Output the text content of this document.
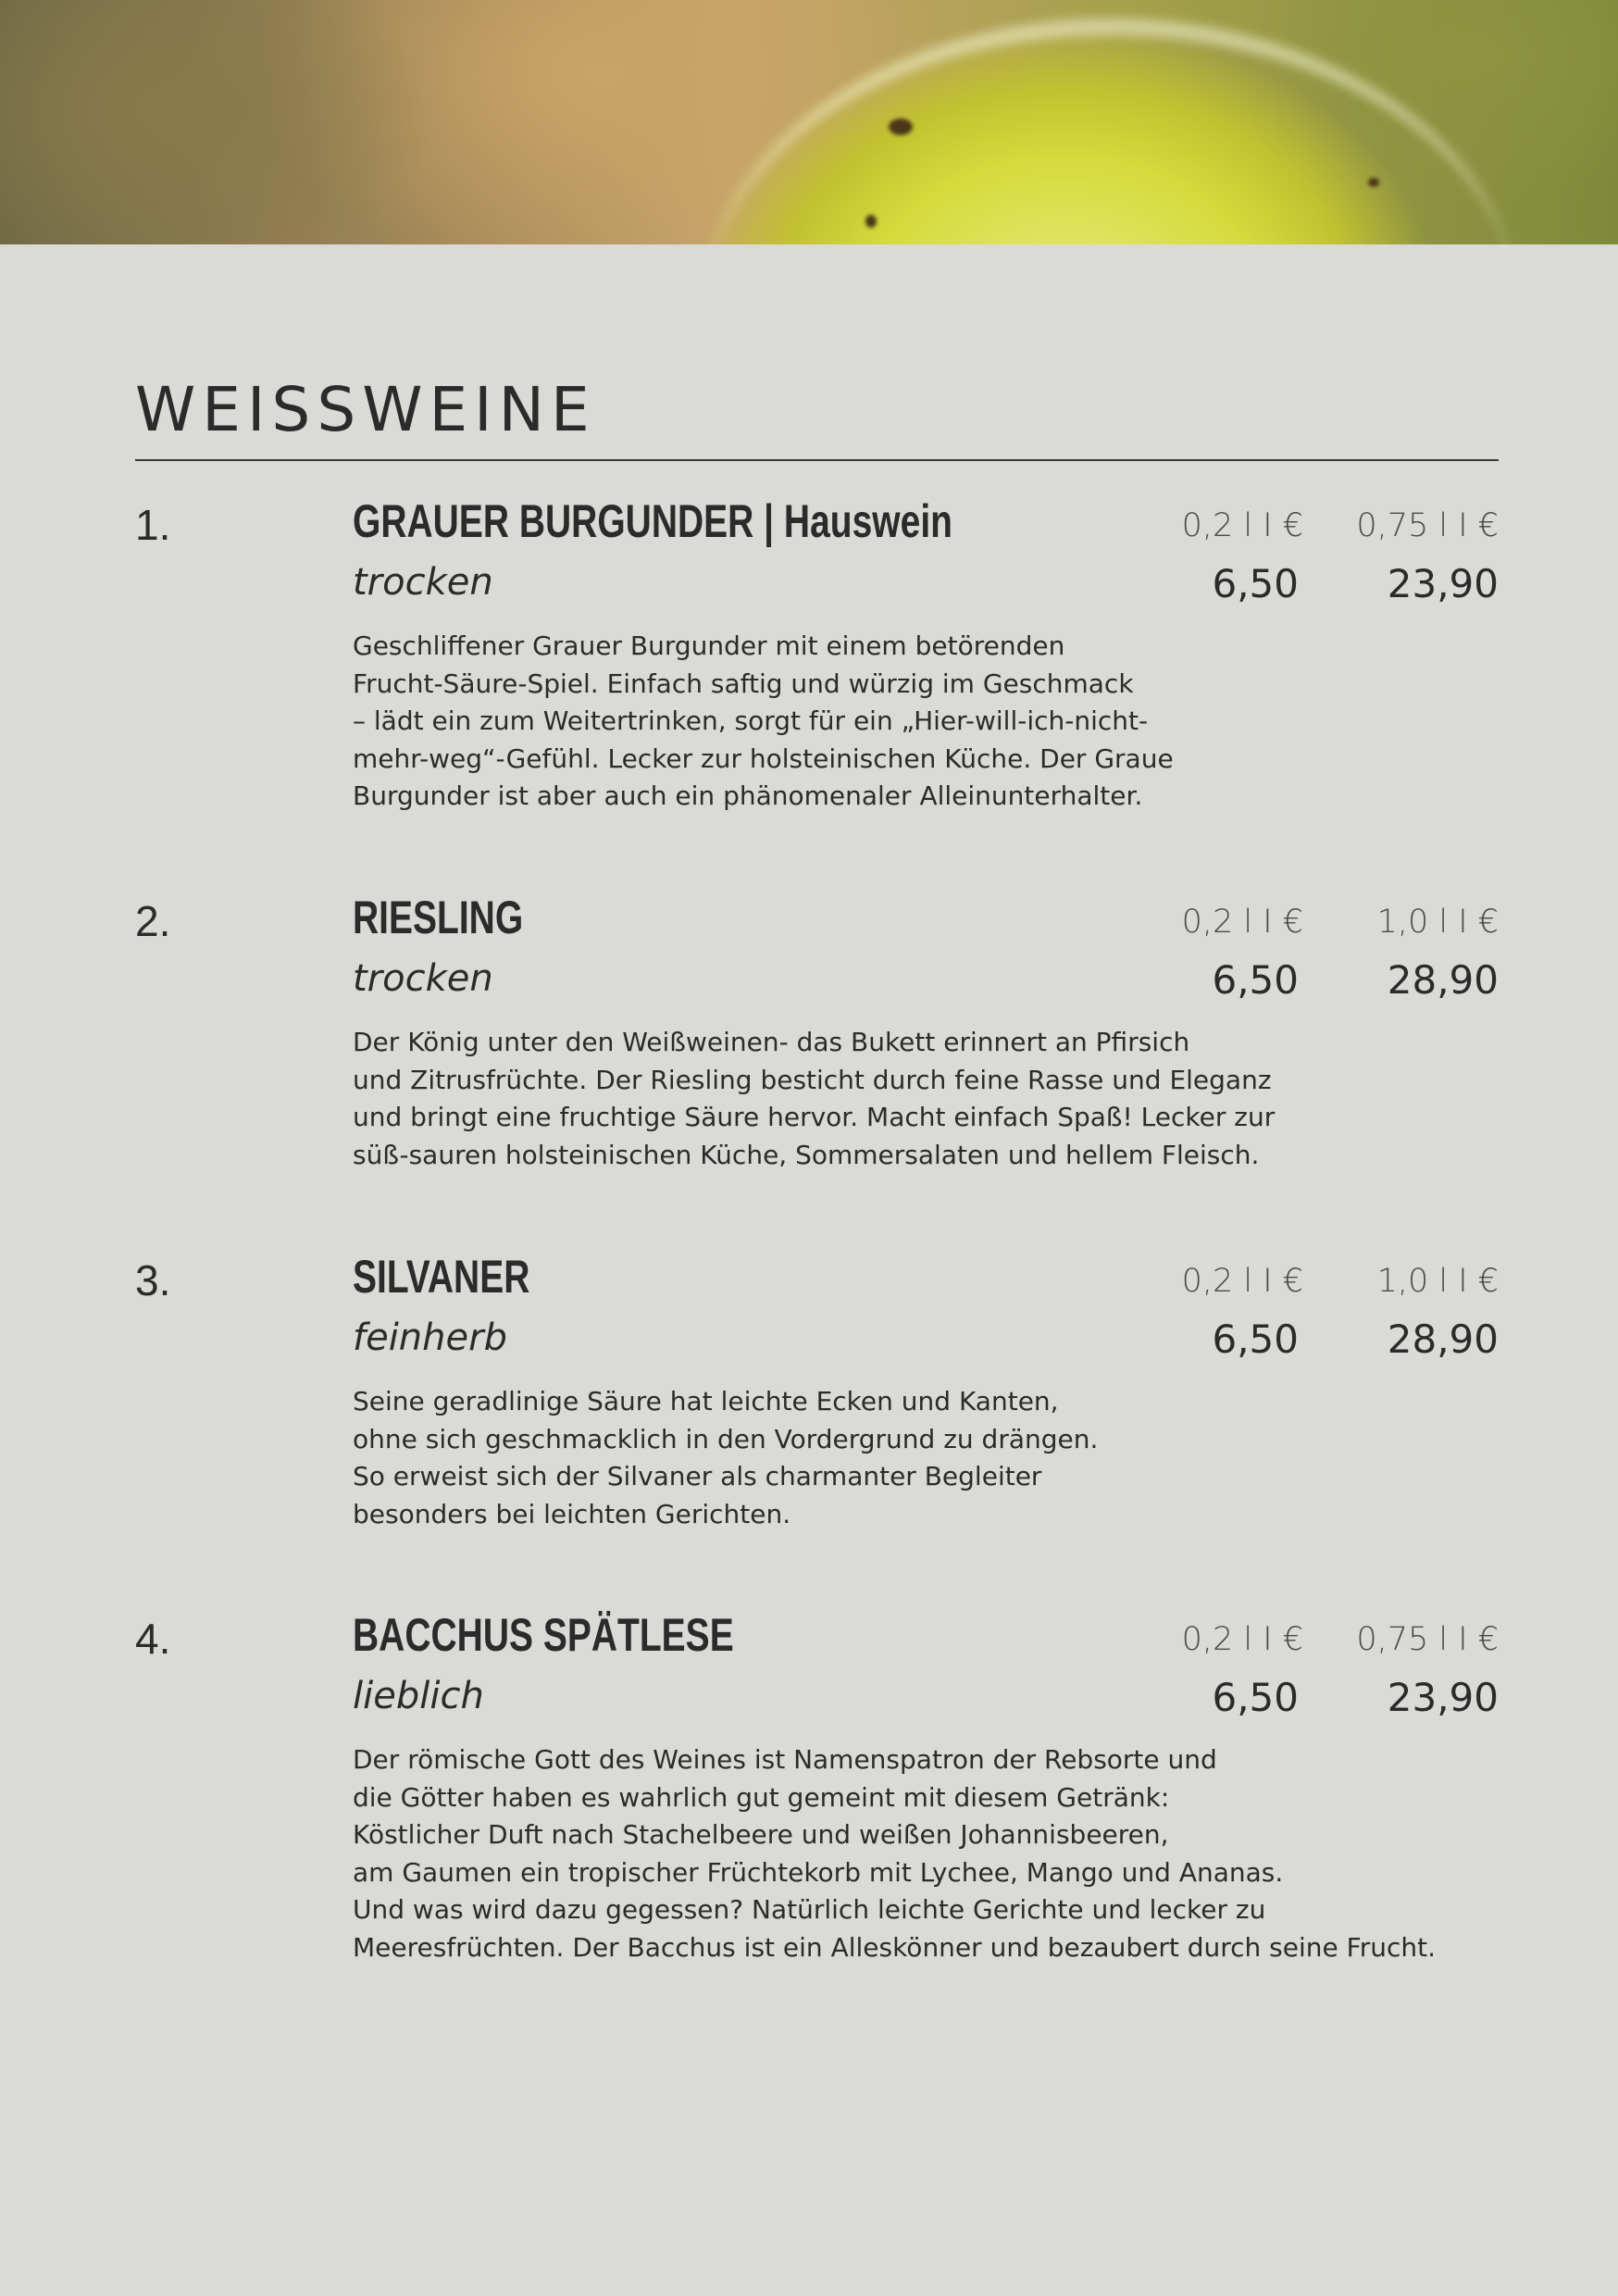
WEISSWEINE
1.	GRAUER BURGUNDER | Hauswein
trocken
0,2 l I € 0,75 l I €
6,50 23,90
Geschliffener Grauer Burgunder mit einem betörenden
Frucht-Säure-Spiel. Einfach saftig und würzig im Geschmack
– lädt ein zum Weitertrinken, sorgt für ein „Hier-will-ich-nicht-
mehr-weg“-Gefühl. Lecker zur holsteinischen Küche. Der Graue
Burgunder ist aber auch ein phänomenaler Alleinunterhalter.
2.	RIESLING
trocken
0,2 l I € 1,0 l I €
6,50 28,90
Der König unter den Weißweinen- das Bukett erinnert an Pfirsich
und Zitrusfrüchte. Der Riesling besticht durch feine Rasse und Eleganz
und bringt eine fruchtige Säure hervor. Macht einfach Spaß! Lecker zur
süß-sauren holsteinischen Küche, Sommersalaten und hellem Fleisch.
3.	SILVANER
feinherb
0,2 l I € 1,0 l I €
6,50 28,90
Seine geradlinige Säure hat leichte Ecken und Kanten,
ohne sich geschmacklich in den Vordergrund zu drängen.
So erweist sich der Silvaner als charmanter Begleiter
besonders bei leichten Gerichten.
4.	BACCHUS SPÄTLESE
lieblich
0,2 l I € 0,75 l I €
6,50 23,90
Der römische Gott des Weines ist Namenspatron der Rebsorte und
die Götter haben es wahrlich gut gemeint mit diesem Getränk:
Köstlicher Duft nach Stachelbeere und weißen Johannisbeeren,
am Gaumen ein tropischer Früchtekorb mit Lychee, Mango und Ananas.
Und was wird dazu gegessen? Natürlich leichte Gerichte und lecker zu
Meeresfrüchten. Der Bacchus ist ein Alleskönner und bezaubert durch seine Frucht.
